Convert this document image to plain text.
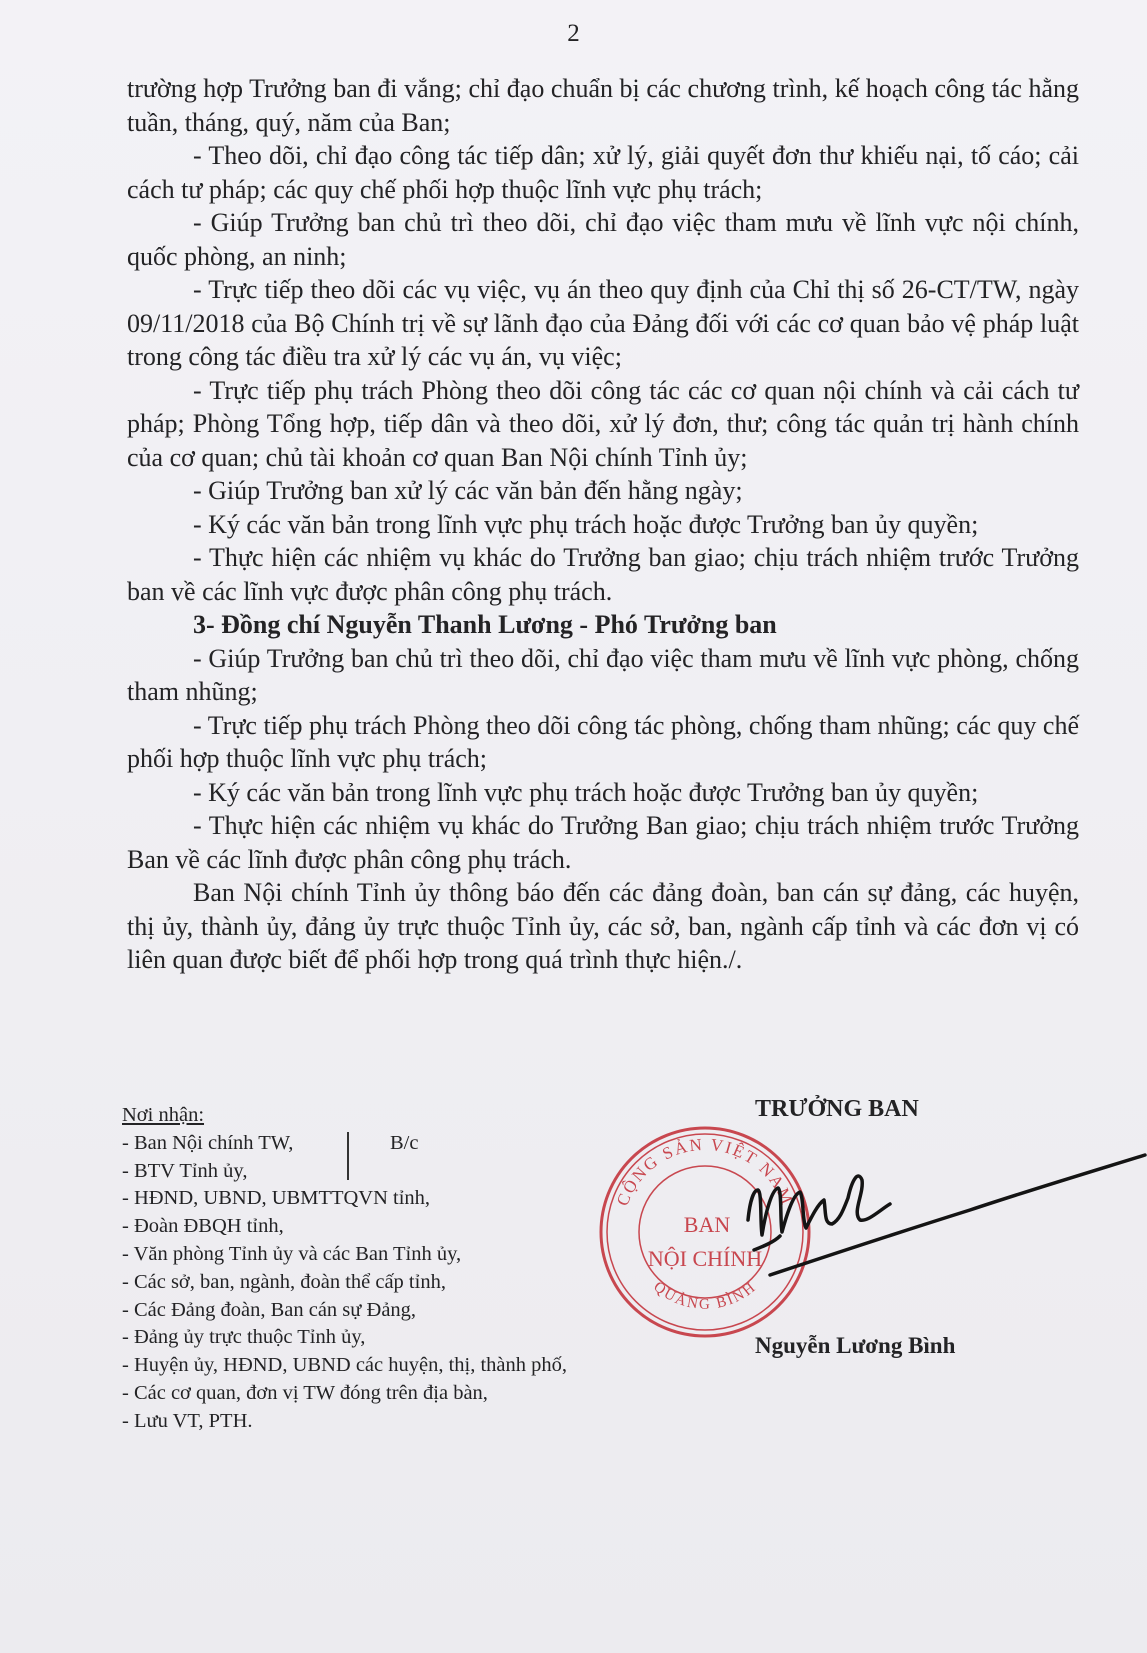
2

trường hợp Trưởng ban đi vắng; chỉ đạo chuẩn bị các chương trình, kế hoạch công tác hằng tuần, tháng, quý, năm của Ban;

- Theo dõi, chỉ đạo công tác tiếp dân; xử lý, giải quyết đơn thư khiếu nại, tố cáo; cải cách tư pháp; các quy chế phối hợp thuộc lĩnh vực phụ trách;

- Giúp Trưởng ban chủ trì theo dõi, chỉ đạo việc tham mưu về lĩnh vực nội chính, quốc phòng, an ninh;

- Trực tiếp theo dõi các vụ việc, vụ án theo quy định của Chỉ thị số 26-CT/TW, ngày 09/11/2018 của Bộ Chính trị về sự lãnh đạo của Đảng đối với các cơ quan bảo vệ pháp luật trong công tác điều tra xử lý các vụ án, vụ việc;

- Trực tiếp phụ trách Phòng theo dõi công tác các cơ quan nội chính và cải cách tư pháp; Phòng Tổng hợp, tiếp dân và theo dõi, xử lý đơn, thư; công tác quản trị hành chính của cơ quan; chủ tài khoản cơ quan Ban Nội chính Tỉnh ủy;

- Giúp Trưởng ban xử lý các văn bản đến hằng ngày;

- Ký các văn bản trong lĩnh vực phụ trách hoặc được Trưởng ban ủy quyền;

- Thực hiện các nhiệm vụ khác do Trưởng ban giao; chịu trách nhiệm trước Trưởng ban về các lĩnh vực được phân công phụ trách.

3- Đồng chí Nguyễn Thanh Lương - Phó Trưởng ban

- Giúp Trưởng ban chủ trì theo dõi, chỉ đạo việc tham mưu về lĩnh vực phòng, chống tham nhũng;

- Trực tiếp phụ trách Phòng theo dõi công tác phòng, chống tham nhũng; các quy chế phối hợp thuộc lĩnh vực phụ trách;

- Ký các văn bản trong lĩnh vực phụ trách hoặc được Trưởng ban ủy quyền;

- Thực hiện các nhiệm vụ khác do Trưởng Ban giao; chịu trách nhiệm trước Trưởng Ban về các lĩnh được phân công phụ trách.

Ban Nội chính Tỉnh ủy thông báo đến các đảng đoàn, ban cán sự đảng, các huyện, thị ủy, thành ủy, đảng ủy trực thuộc Tỉnh ủy, các sở, ban, ngành cấp tỉnh và các đơn vị có liên quan được biết để phối hợp trong quá trình thực hiện./.

Nơi nhận:
- Ban Nội chính TW,	B/c
- BTV Tỉnh ủy,
- HĐND, UBND, UBMTTQVN tỉnh,
- Đoàn ĐBQH tỉnh,
- Văn phòng Tỉnh ủy và các Ban Tỉnh ủy,
- Các sở, ban, ngành, đoàn thể cấp tỉnh,
- Các Đảng đoàn, Ban cán sự Đảng,
- Đảng ủy trực thuộc Tỉnh ủy,
- Huyện ủy, HĐND, UBND các huyện, thị, thành phố,
- Các cơ quan, đơn vị TW đóng trên địa bàn,
- Lưu VT, PTH.
TRƯỞNG BAN
CỘNG SẢN VIỆT NAM
QUẢNG BÌNH
BAN
NỘI CHÍNH
Nguyễn Lương Bình
